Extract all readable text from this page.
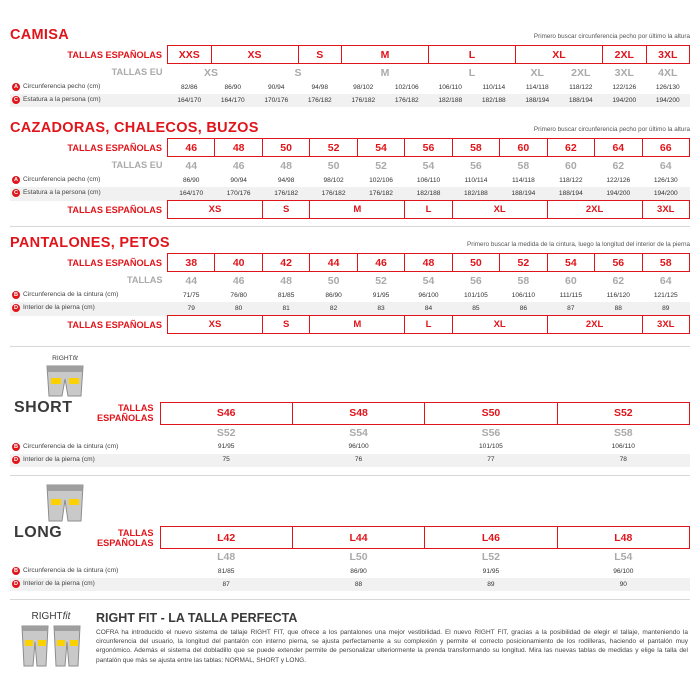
CAMISA	Primero buscar circunferencia pecho por último la altura
TALLAS ESPAÑOLAS	XXS	XS		S	M		L		XL		2XL	3XL
TALLAS EU	XS		S		M		L		XL	2XL	3XL	4XL
A Circunferencia pecho (cm)	82/86	86/90	90/94	94/98	98/102	102/106	106/110	110/114	114/118	118/122	122/126	126/130
C Estatura a la persona (cm)	164/170	164/170	170/176	176/182	176/182	176/182	182/188	182/188	188/194	188/194	194/200	194/200
CAZADORAS, CHALECOS, BUZOS	Primero buscar circunferencia pecho por último la altura
TALLAS ESPAÑOLAS	46	48	50	52	54	56	58	60	62	64	66
TALLAS EU	44	46	48	50	52	54	56	58	60	62	64
A Circunferencia pecho (cm)	86/90	90/94	94/98	98/102	102/106	106/110	110/114	114/118	118/122	122/126	126/130
C Estatura a la persona (cm)	164/170	170/176	176/182	176/182	176/182	182/188	182/188	188/194	188/194	194/200	194/200
TALLAS ESPAÑOLAS	XS		S	M		L	XL		2XL		3XL
PANTALONES, PETOS	Primero buscar la medida de la cintura, luego la longitud del interior de la pierna
TALLAS ESPAÑOLAS	38	40	42	44	46	48	50	52	54	56	58
TALLAS	44	46	48	50	52	54	56	58	60	62	64
B Circunferencia de la cintura (cm)	71/75	76/80	81/85	86/90	91/95	96/100	101/105	106/110	111/115	116/120	121/125
D Interior de la pierna (cm)	79	80	81	82	83	84	85	86	87	88	89
TALLAS ESPAÑOLAS	XS		S	M		L	XL		2XL		3XL
RIGHTfit				

SHORT TALLAS ESPAÑOLAS	S46	S48	S50	S52
	S52	S54	S56	S58
B Circunferencia de la cintura (cm)	91/95	96/100	101/105	106/110
D Interior de la pierna (cm)	75	76	77	78

LONG TALLAS ESPAÑOLAS	L42	L44	L46	L48
	L48	L50	L52	L54
B Circunferencia de la cintura (cm)	81/85	86/90	91/95	96/100
D Interior de la pierna (cm)	87	88	89	90
RIGHTfit	RIGHT FIT - LA TALLA PERFECTA
COFRA ha introducido el nuevo sistema de tallaje RIGHT FIT, que ofrece a los pantalones una mejor vestibilidad. El nuevo RIGHT FIT, gracias a la posibilidad de elegir el tallaje, manteniendo la circunferencia del usuario, la longitud del pantalón con interno pierna, se ajusta perfectamente a su complexión y permite el correcto posicionamiento de los rodilleras, haciendo el pantalón muy ergonómico. Además el sistema del dobladillo que se puede extender permite de personalizar ulteriormente la prenda transformando su longitud. Mira las nuevas tablas de medidas y elige la talla del pantalón que más se ajusta entre las tablas: NORMAL, SHORT y LONG.
